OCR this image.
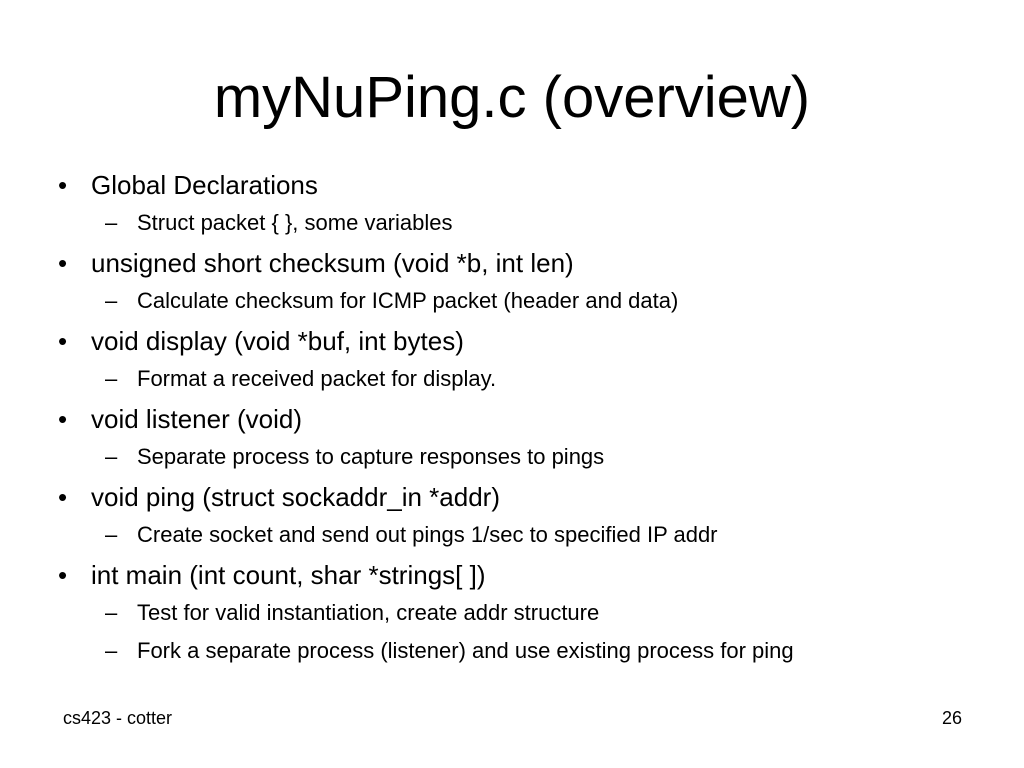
myNuPing.c (overview)
• Global Declarations
– Struct packet { }, some variables
• unsigned short checksum (void *b, int len)
– Calculate checksum for ICMP packet (header and data)
• void display (void *buf, int bytes)
– Format a received packet for display.
• void listener (void)
– Separate process to capture responses to pings
• void ping (struct sockaddr_in *addr)
– Create socket and send out pings 1/sec to specified IP addr
• int main (int count, shar *strings[ ])
– Test for valid instantiation, create addr structure
– Fork a separate process (listener) and use existing process for ping
cs423 - cotter	26
